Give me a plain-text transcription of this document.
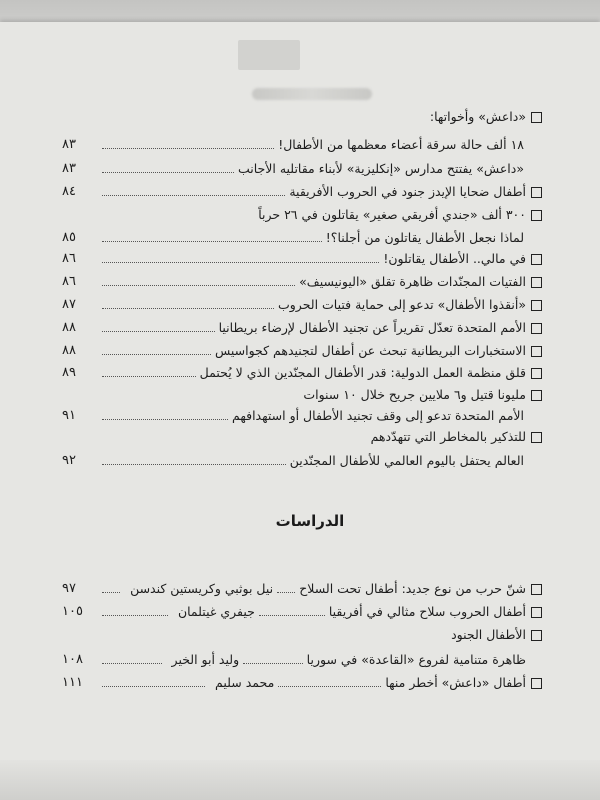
«داعش» وأخواتها:
١٨ ألف حالة سرقة أعضاء معظمها من الأطفال!
٨٣
«داعش» يفتتح مدارس «إنكليزية» لأبناء مقاتليه الأجانب
٨٣
أطفال ضحايا الإيدز جنود في الحروب الأفريقية
٨٤
٣٠٠ ألف «جندي أفريقي صغير» يقاتلون في ٢٦ حرباً
لماذا نجعل الأطفال يقاتلون من أجلنا؟!
٨٥
في مالي.. الأطفال يقاتلون!
٨٦
الفتيات المجنّدات ظاهرة تقلق «اليونيسيف»
٨٦
«أنقذوا الأطفال» تدعو إلى حماية فتيات الحروب
٨٧
الأمم المتحدة تعدّل تقريراً عن تجنيد الأطفال لإرضاء بريطانيا
٨٨
الاستخبارات البريطانية تبحث عن أطفال لتجنيدهم كجواسيس
٨٨
قلق منظمة العمل الدولية: قدر الأطفال المجنّدين الذي لا يُحتمل
٨٩
مليونا قتيل و٦ ملايين جريح خلال ١٠ سنوات
الأمم المتحدة تدعو إلى وقف تجنيد الأطفال أو استهدافهم
٩١
للتذكير بالمخاطر التي تتهدّدهم
العالم يحتفل باليوم العالمي للأطفال المجنّدين
٩٢
الدراسات
شنّ حرب من نوع جديد: أطفال تحت السلاح
نيل بوثبي وكريستين كندسن
٩٧
أطفال الحروب سلاح مثالي في أفريقيا
جيفري غيتلمان
١٠٥
الأطفال الجنود
ظاهرة متنامية لفروع «القاعدة» في سوريا
وليد أبو الخير
١٠٨
أطفال «داعش» أخطر منها
محمد سليم
١١١
